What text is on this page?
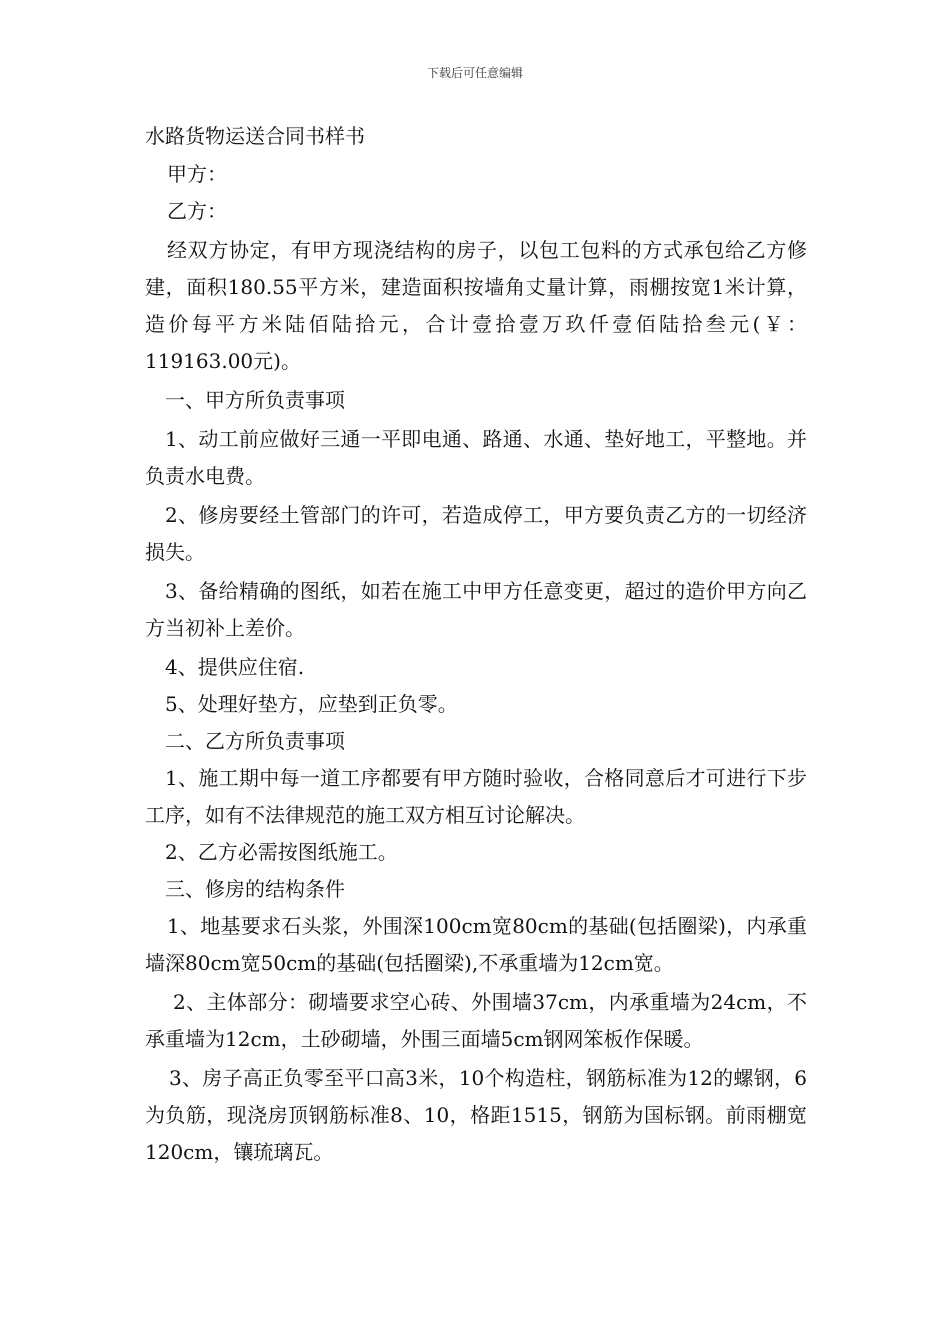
下载后可任意编辑

水路货物运送合同书样书

甲方：

乙方：

经双方协定，有甲方现浇结构的房子，以包工包料的方式承包给乙方修建，面积180.55平方米，建造面积按墙角丈量计算，雨棚按宽1米计算，造价每平方米陆佰陆拾元，合计壹拾壹万玖仟壹佰陆拾叁元(￥：119163.00元)。

一、甲方所负责事项

1、动工前应做好三通一平即电通、路通、水通、垫好地工，平整地。并负责水电费。

2、修房要经土管部门的许可，若造成停工，甲方要负责乙方的一切经济损失。

3、备给精确的图纸，如若在施工中甲方任意变更，超过的造价甲方向乙方当初补上差价。

4、提供应住宿.

5、处理好垫方，应垫到正负零。

二、乙方所负责事项

1、施工期中每一道工序都要有甲方随时验收，合格同意后才可进行下步工序，如有不法律规范的施工双方相互讨论解决。

2、乙方必需按图纸施工。

三、修房的结构条件

1、地基要求石头浆，外围深100cm宽80cm的基础(包括圈梁)，内承重墙深80cm宽50cm的基础(包括圈梁),不承重墙为12cm宽。

2、主体部分：砌墙要求空心砖、外围墙37cm，内承重墙为24cm，不承重墙为12cm，土砂砌墙，外围三面墙5cm钢网笨板作保暖。

3、房子高正负零至平口高3米，10个构造柱，钢筋标准为12的螺钢，6为负筋，现浇房顶钢筋标准8、10，格距1515，钢筋为国标钢。前雨棚宽120cm，镶琉璃瓦。
